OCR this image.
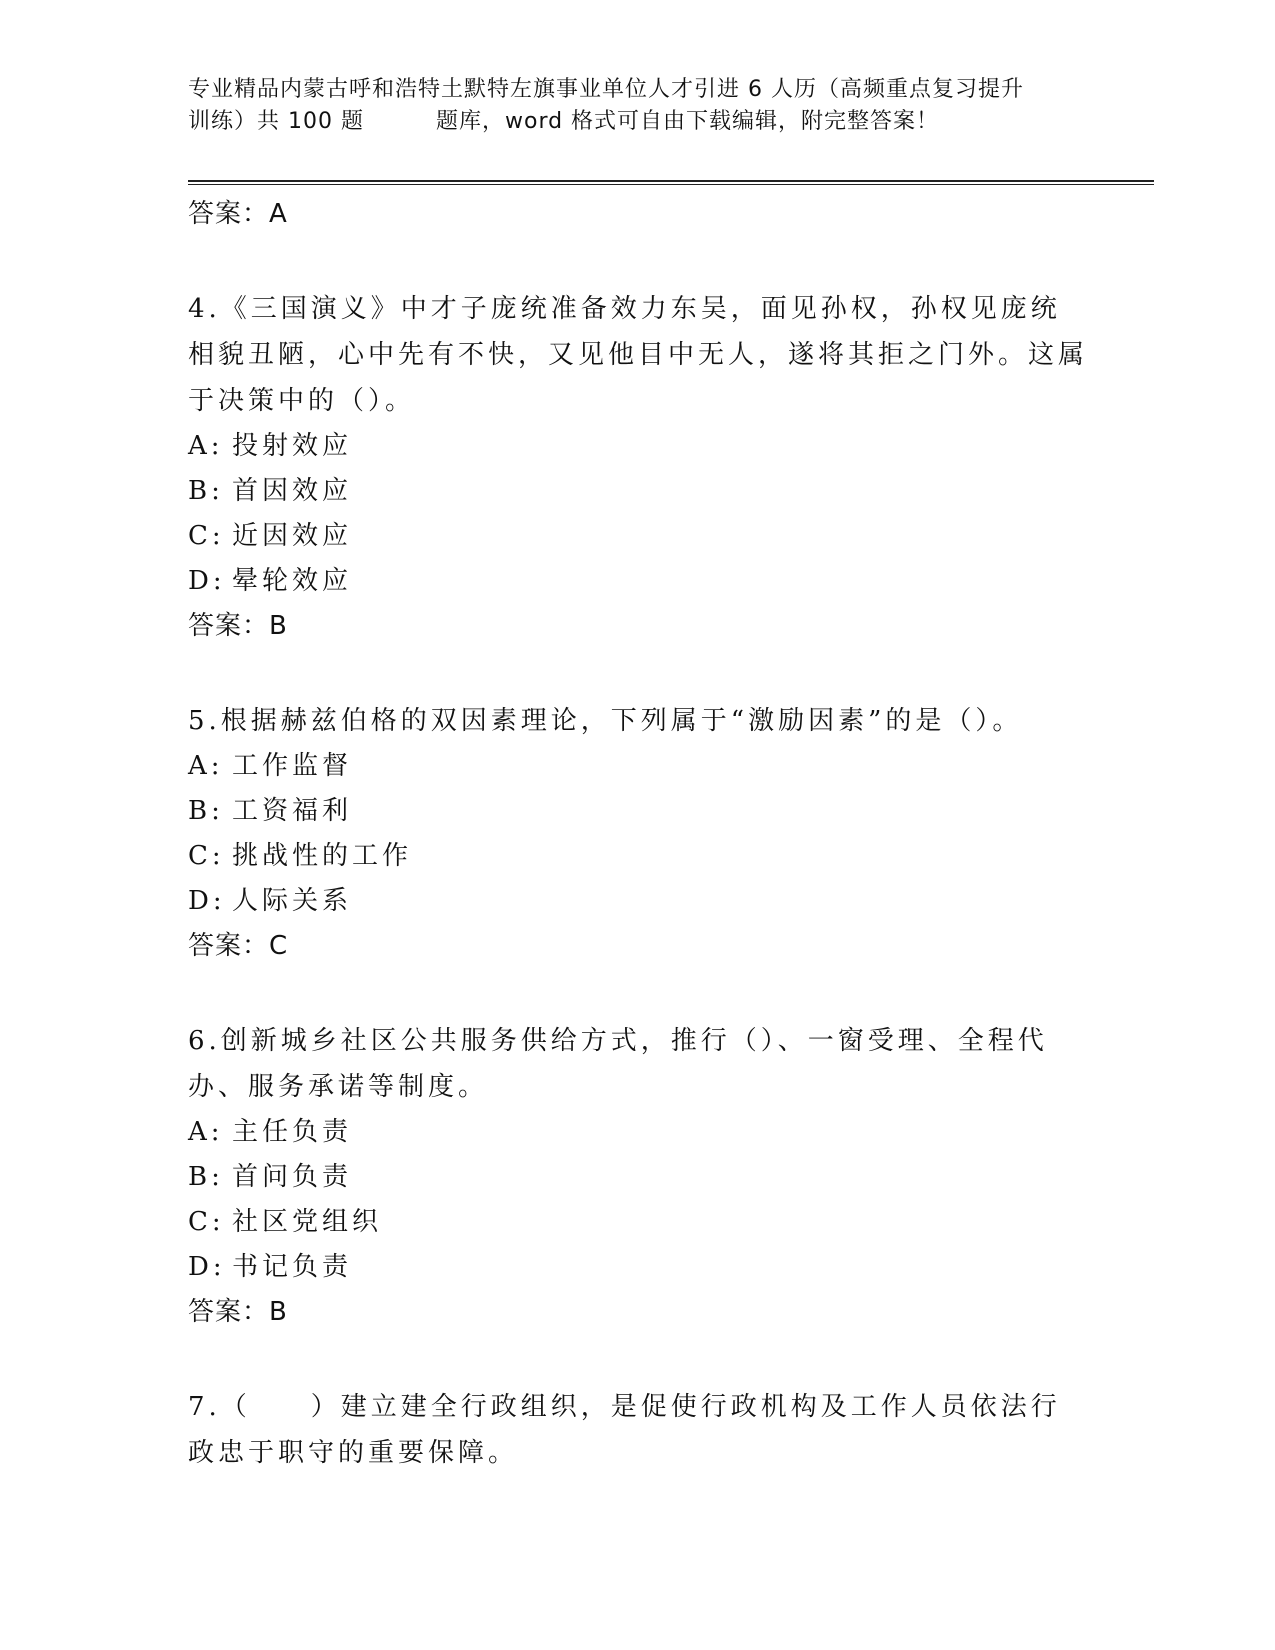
专业精品内蒙古呼和浩特土默特左旗事业单位人才引进 6 人历（高频重点复习提升
训练）共 100 题	题库，word 格式可自由下载编辑，附完整答案！
答案：A
4.《三国演义》中才子庞统准备效力东吴，面见孙权，孙权见庞统相貌丑陋，心中先有不快，又见他目中无人，遂将其拒之门外。这属于决策中的（）。
A: 投射效应
B: 首因效应
C: 近因效应
D: 晕轮效应
答案：B
5.根据赫兹伯格的双因素理论，下列属于“激励因素”的是（）。
A: 工作监督
B: 工资福利
C: 挑战性的工作
D: 人际关系
答案：C
6.创新城乡社区公共服务供给方式，推行（）、一窗受理、全程代办、服务承诺等制度。
A: 主任负责
B: 首问负责
C: 社区党组织
D: 书记负责
答案：B
7.（　　）建立建全行政组织，是促使行政机构及工作人员依法行政忠于职守的重要保障。
